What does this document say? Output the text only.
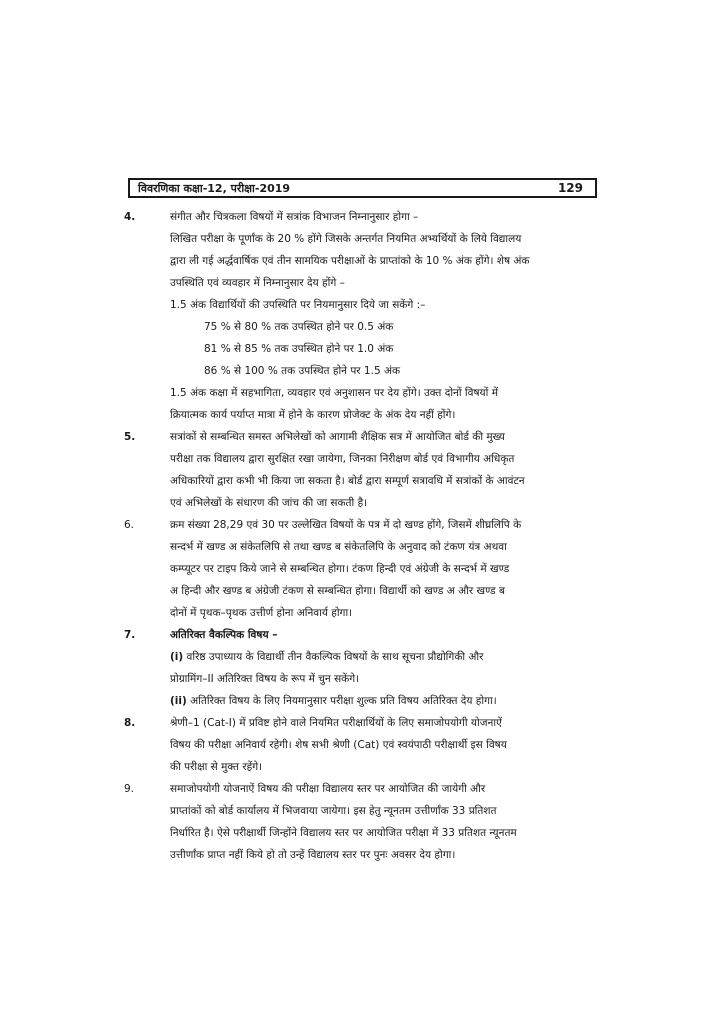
विवरणिका कक्षा-12, परीक्षा-2019	129
4.	संगीत और चित्रकला विषयों में सत्रांक विभाजन निम्नानुसार होगा –

लिखित परीक्षा के पूर्णांक के 20 % होंगे जिसके अन्तर्गत नियमित अभ्यर्थियों के लिये विद्यालय

द्वारा ली गई अर्द्धवार्षिक एवं तीन सामयिक परीक्षाओं के प्राप्तांको के 10 % अंक होंगे। शेष अंक

उपस्थिति एवं व्यवहार में निम्नानुसार देय होंगे –

1.5 अंक विद्यार्थियों की उपस्थिति पर नियमानुसार दिये जा सकेंगे :–

75 % से 80 % तक उपस्थित होने पर 0.5 अंक

81 % से 85 % तक उपस्थित होने पर 1.0 अंक

86 % से 100 % तक उपस्थित होने पर 1.5 अंक

1.5 अंक कक्षा में सहभागिता, व्यवहार एवं अनुशासन पर देय होंगे। उक्त दोनों विषयों में

क्रियात्मक कार्य पर्याप्त मात्रा में होने के कारण प्रोजेक्ट के अंक देय नहीं होंगे।

5.	सत्रांकों से सम्बन्धित समस्त अभिलेखों को आगामी शैक्षिक सत्र में आयोजित बोर्ड की मुख्य

परीक्षा तक विद्यालय द्वारा सुरक्षित रखा जायेगा, जिनका निरीक्षण बोर्ड एवं विभागीय अधिकृत

अधिकारियों द्वारा कभी भी किया जा सकता है। बोर्ड द्वारा सम्पूर्ण सत्रावधि में सत्रांकों के आवंटन

एवं अभिलेखों के संधारण की जांच की जा सकती है।

6.	क्रम संख्या 28,29 एवं 30 पर उल्लेखित विषयों के पत्र में दो खण्ड होंगे, जिसमें शीघ्रलिपि के

सन्दर्भ में खण्ड अ संकेतलिपि से तथा खण्ड ब संकेतलिपि के अनुवाद को टंकण यंत्र अथवा

कम्प्यूटर पर टाइप किये जाने से सम्बन्धित होगा। टंकण हिन्दी एवं अंग्रेजी के सन्दर्भ में खण्ड

अ हिन्दी और खण्ड ब अंग्रेजी टंकण से सम्बन्धित होगा। विद्यार्थी को खण्ड अ और खण्ड ब

दोनों में पृथक–पृथक उत्तीर्ण होना अनिवार्य होगा।

7.	अतिरिक्त वैकल्पिक विषय –

(i) वरिष्ठ उपाध्याय के विद्यार्थी तीन वैकल्पिक विषयों के साथ सूचना प्रौद्योगिकी और

प्रोग्रामिंग–II अतिरिक्त विषय के रूप में चुन सकेंगे।

(ii) अतिरिक्त विषय के लिए नियमानुसार परीक्षा शुल्क प्रति विषय अतिरिक्त देय होगा।

8.	श्रेणी–1 (Cat-I) में प्रविष्ट होने वाले नियमित परीक्षार्थियों के लिए समाजोपयोगी योजनाऐं

विषय की परीक्षा अनिवार्य रहेगी। शेष सभी श्रेणी (Cat) एवं स्वयंपाठी परीक्षार्थी इस विषय

की परीक्षा से मुक्त रहेंगे।

9.	समाजोपयोगी योजनाऐं विषय की परीक्षा विद्यालय स्तर पर आयोजित की जायेगी और

प्राप्तांकों को बोर्ड कार्यालय में भिजवाया जायेगा। इस हेतु न्यूनतम उत्तीर्णांक 33 प्रतिशत

निर्धारित है। ऐसे परीक्षार्थी जिन्होंने विद्यालय स्तर पर आयोजित परीक्षा में 33 प्रतिशत न्यूनतम

उत्तीर्णांक प्राप्त नहीं किये हो तो उन्हें विद्यालय स्तर पर पुनः अवसर देय होगा।
